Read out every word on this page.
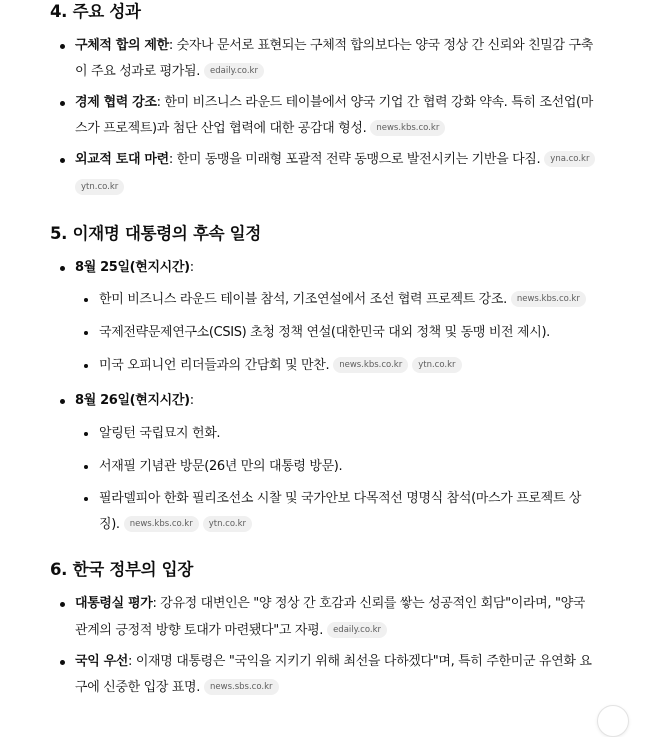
4. 주요 성과

구체적 합의 제한: 숫자나 문서로 표현되는 구체적 합의보다는 양국 정상 간 신뢰와 친밀감 구축

이 주요 성과로 평가됨. edaily.co.kr

경제 협력 강조: 한미 비즈니스 라운드 테이블에서 양국 기업 간 협력 강화 약속. 특히 조선업(마

스가 프로젝트)과 첨단 산업 협력에 대한 공감대 형성. news.kbs.co.kr

외교적 토대 마련: 한미 동맹을 미래형 포괄적 전략 동맹으로 발전시키는 기반을 다짐. yna.co.kr

ytn.co.kr

5. 이재명 대통령의 후속 일정

8월 25일(현지시간):

한미 비즈니스 라운드 테이블 참석, 기조연설에서 조선 협력 프로젝트 강조. news.kbs.co.kr

국제전략문제연구소(CSIS) 초청 정책 연설(대한민국 대외 정책 및 동맹 비전 제시).

미국 오피니언 리더들과의 간담회 및 만찬. news.kbs.co.kr ytn.co.kr

8월 26일(현지시간):

알링턴 국립묘지 헌화.

서재필 기념관 방문(26년 만의 대통령 방문).

필라델피아 한화 필리조선소 시찰 및 국가안보 다목적선 명명식 참석(마스가 프로젝트 상

징). news.kbs.co.kr ytn.co.kr

6. 한국 정부의 입장

대통령실 평가: 강유정 대변인은 "양 정상 간 호감과 신뢰를 쌓는 성공적인 회담"이라며, "양국

관계의 긍정적 방향 토대가 마련됐다"고 자평. edaily.co.kr

국익 우선: 이재명 대통령은 "국익을 지키기 위해 최선을 다하겠다"며, 특히 주한미군 유연화 요

구에 신중한 입장 표명. news.sbs.co.kr
